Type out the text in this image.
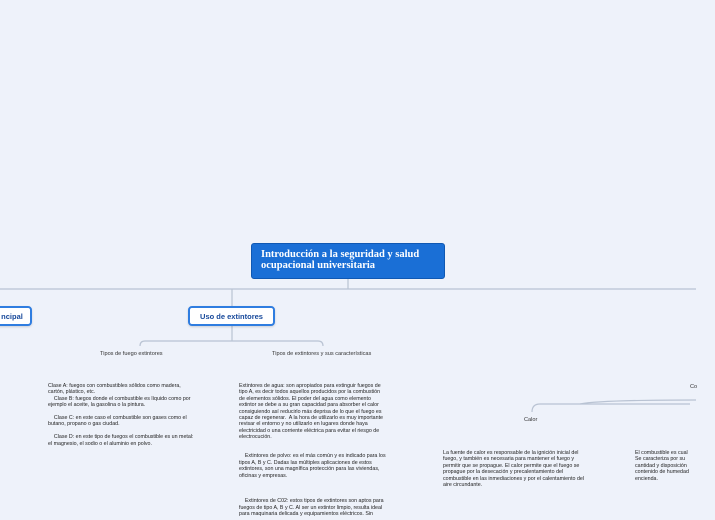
Introducción a la seguridad y salud ocupacional universitaria
ncipal	Uso de extintores
Tipos de fuego extintores	Tipos de extintores y sus características
Clase A: fuegos con combustibles sólidos como madera,
cartón, plástico, etc.
Clase B: fuegos donde el combustible es líquido como por
ejemplo el aceite, la gasolina o la pintura.

Clase C: en este caso el combustible son gases como el
butano, propano o gas ciudad.

Clase D: en este tipo de fuegos el combustible es un metal:
el magnesio, el sodio o el aluminio en polvo.
Extintores de agua: son apropiados para extinguir fuegos de
tipo A, es decir todos aquellos producidos por la combustión
de elementos sólidos. El poder del agua como elemento
extintor se debe a su gran capacidad para absorber el calor
consiguiendo así reducirlo más deprisa de lo que el fuego es
capaz de regenerar.  A la hora de utilizarlo es muy importante
revisar el entorno y no utilizarlo en lugares donde haya
electricidad o una corriente eléctrica para evitar el riesgo de
electrocución.

Extintores de polvo: es el más común y es indicado para los
tipos A, B y C. Dadas las múltiples aplicaciones de estos
extintores, son una magnífica protección para las viviendas,
oficinas y empresas.

Extintores de C02: estos tipos de extintores son aptos para
fuegos de tipo A, B y C. Al ser un extintor limpio, resulta ideal
para maquinaria delicada y equipamientos eléctricos. Sin
Co
Calor
La fuente de calor es responsable de la ignición inicial del
fuego, y también es necesaria para mantener el fuego y
permitir que se propague. El calor permite que el fuego se
propague por la desecación y precalentamiento del
combustible en las inmediaciones y por el calentamiento del
aire circundante.
El combustible es cual
Se caracteriza por su
cantidad y disposición
contenido de humedad
encienda.
